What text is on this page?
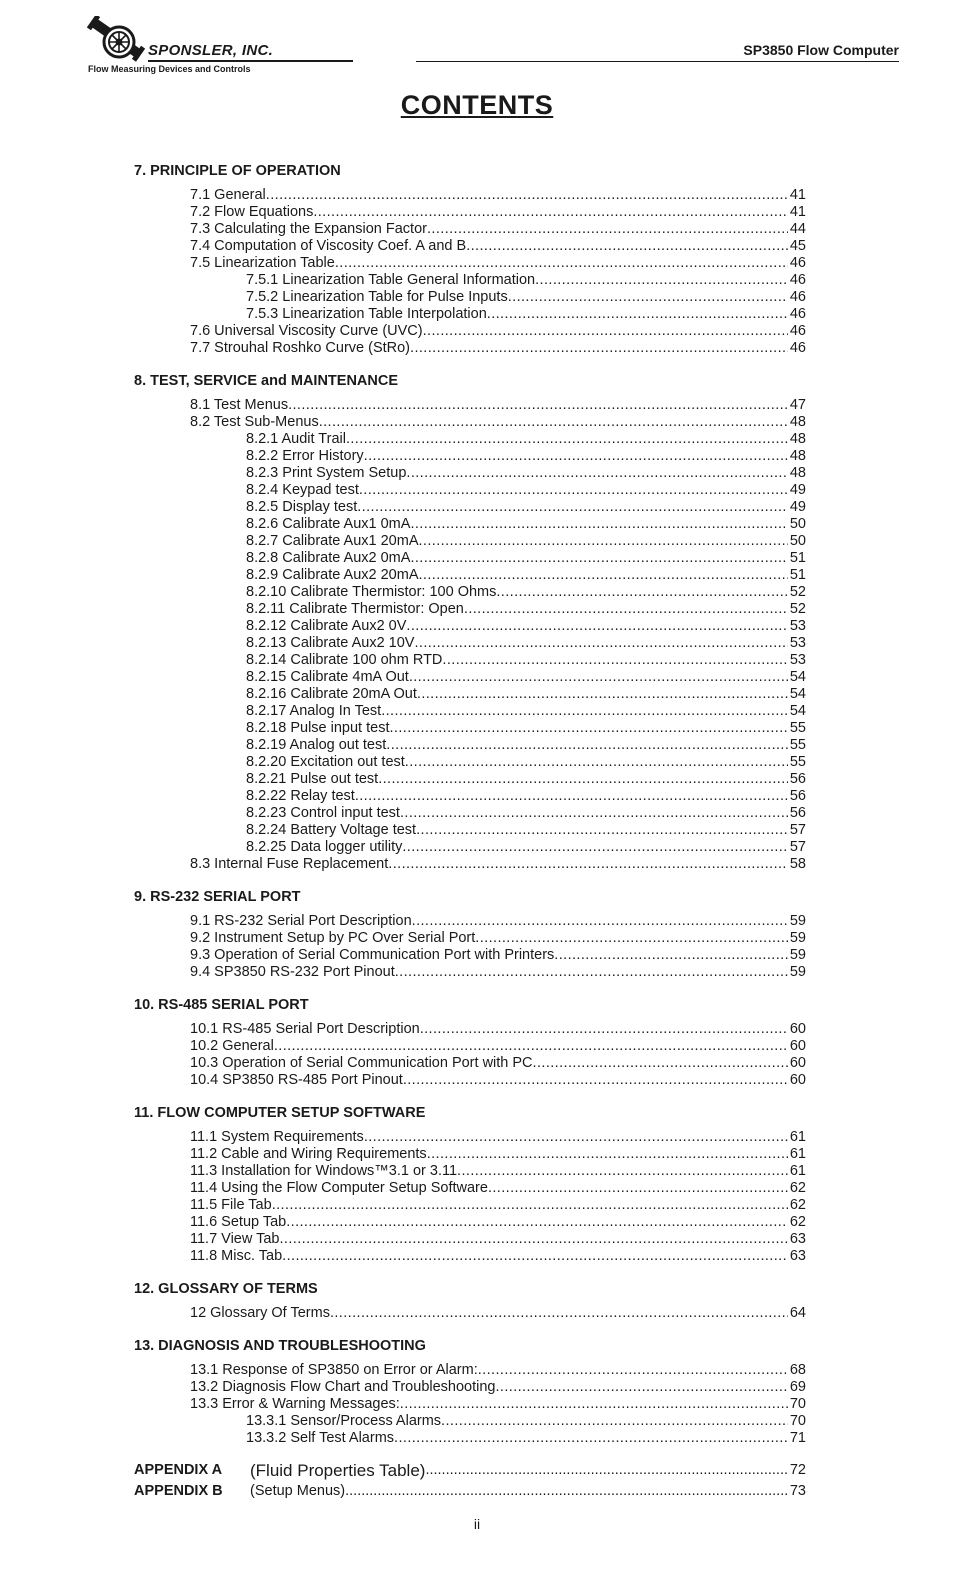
SPONSLER, INC.
Flow Measuring Devices and Controls
SP3850 Flow Computer
CONTENTS
7. PRINCIPLE OF OPERATION
7.1 General .....	41
7.2 Flow Equations .....	41
7.3 Calculating the Expansion Factor .....	44
7.4 Computation of Viscosity Coef. A and B .....	45
7.5 Linearization Table .....	46
7.5.1 Linearization Table General Information .....	46
7.5.2 Linearization Table for Pulse Inputs .....	46
7.5.3 Linearization Table Interpolation .....	46
7.6 Universal Viscosity Curve (UVC) .....	46
7.7 Strouhal Roshko Curve (StRo) .....	46
8. TEST, SERVICE and MAINTENANCE
8.1 Test Menus .....	47
8.2 Test Sub-Menus .....	48
8.2.1 Audit Trail .....	48
8.2.2 Error History .....	48
8.2.3 Print System Setup .....	48
8.2.4 Keypad test .....	49
8.2.5 Display test .....	49
8.2.6 Calibrate Aux1 0mA .....	50
8.2.7 Calibrate Aux1 20mA .....	50
8.2.8 Calibrate Aux2 0mA .....	51
8.2.9 Calibrate Aux2 20mA .....	51
8.2.10 Calibrate Thermistor: 100 Ohms .....	52
8.2.11 Calibrate Thermistor: Open .....	52
8.2.12 Calibrate Aux2 0V .....	53
8.2.13 Calibrate Aux2 10V .....	53
8.2.14 Calibrate 100 ohm RTD .....	53
8.2.15 Calibrate 4mA Out .....	54
8.2.16 Calibrate 20mA Out .....	54
8.2.17 Analog In Test .....	54
8.2.18 Pulse input test .....	55
8.2.19 Analog out test .....	55
8.2.20 Excitation out test .....	55
8.2.21 Pulse out test .....	56
8.2.22 Relay test .....	56
8.2.23 Control input test .....	56
8.2.24 Battery Voltage test .....	57
8.2.25 Data logger utility .....	57
8.3 Internal Fuse Replacement .....	58
9. RS-232 SERIAL PORT
9.1 RS-232 Serial Port Description .....	59
9.2 Instrument Setup by PC Over Serial Port .....	59
9.3 Operation of Serial Communication Port with Printers .....	59
9.4 SP3850 RS-232 Port Pinout .....	59
10. RS-485 SERIAL PORT
10.1 RS-485 Serial Port Description .....	60
10.2 General .....	60
10.3 Operation of Serial Communication Port with PC .....	60
10.4 SP3850 RS-485 Port Pinout .....	60
11. FLOW COMPUTER SETUP SOFTWARE
11.1 System Requirements .....	61
11.2 Cable and Wiring Requirements .....	61
11.3 Installation for Windows™3.1 or 3.11 .....	61
11.4 Using the Flow Computer Setup Software .....	62
11.5 File Tab .....	62
11.6 Setup Tab .....	62
11.7 View Tab .....	63
11.8 Misc. Tab .....	63
12. GLOSSARY OF TERMS
12 Glossary Of Terms .....	64
13. DIAGNOSIS AND TROUBLESHOOTING
13.1 Response of SP3850 on Error or Alarm: .....	68
13.2 Diagnosis Flow Chart and Troubleshooting .....	69
13.3 Error & Warning Messages: .....	70
13.3.1 Sensor/Process Alarms .....	70
13.3.2 Self Test Alarms .....	71
APPENDIX A	(Fluid Properties Table) .....	72
APPENDIX B	(Setup Menus) .....	73
ii
